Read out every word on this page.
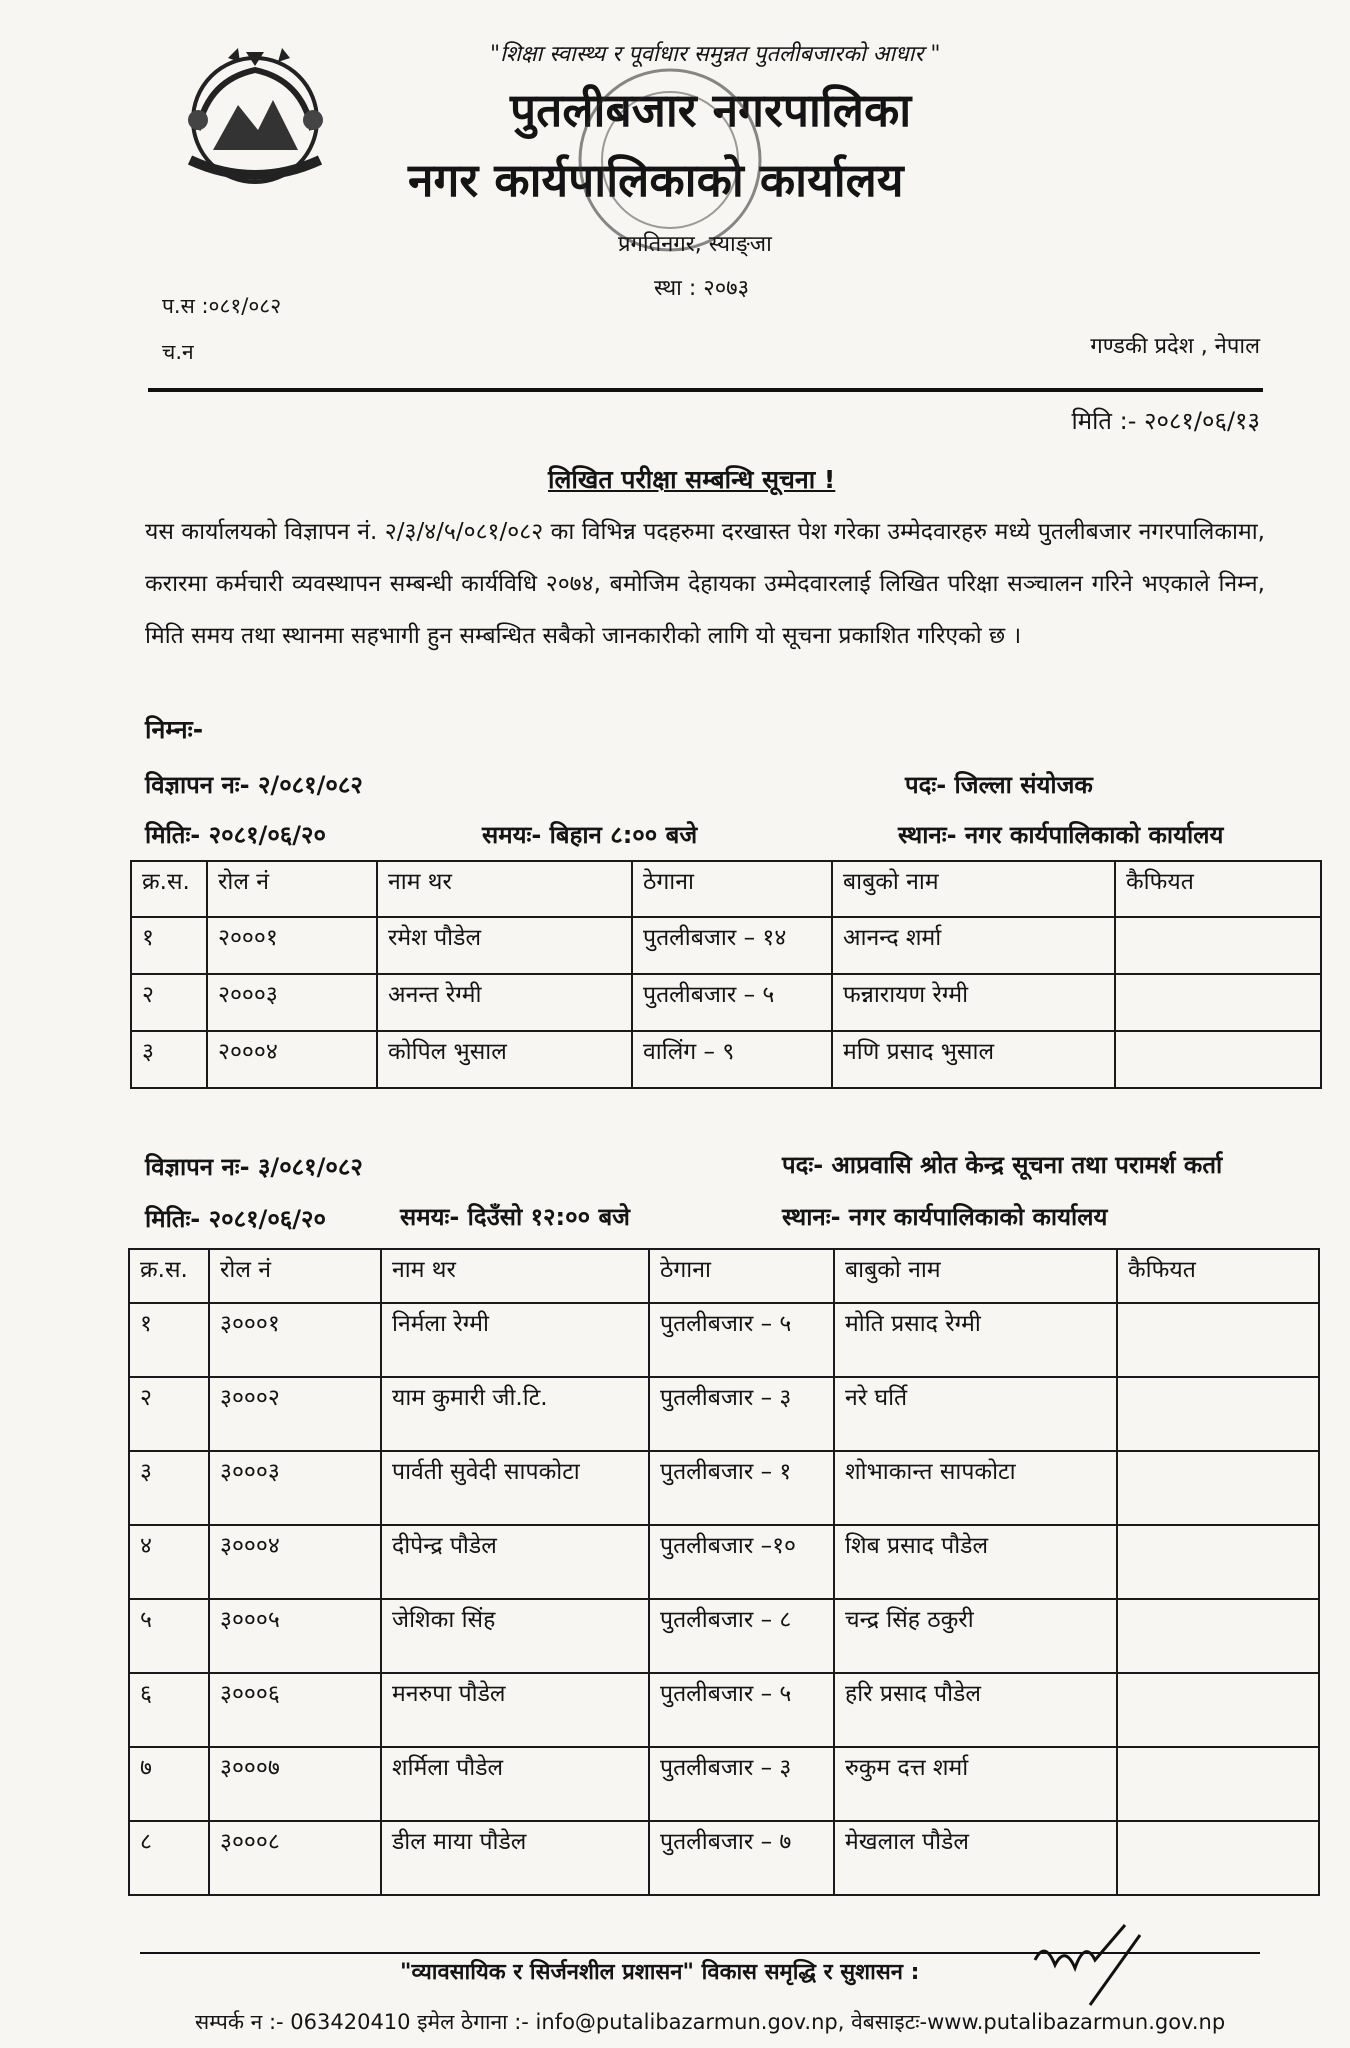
"शिक्षा स्वास्थ्य र पूर्वाधार समुन्नत पुतलीबजारको आधार "
पुतलीबजार नगरपालिका
नगर कार्यपालिकाको कार्यालय
प्रगतिनगर, स्याङ्जा
स्था : २०७३
प.स :०८१/०८२
च.न	गण्डकी प्रदेश , नेपाल
मिति :- २०८१/०६/१३
लिखित परीक्षा सम्बन्धि सूचना !
यस कार्यालयको विज्ञापन नं. २/३/४/५/०८१/०८२ का विभिन्न पदहरुमा दरखास्त पेश गरेका उम्मेदवारहरु मध्ये पुतलीबजार नगरपालिकामा, करारमा कर्मचारी व्यवस्थापन सम्बन्धी कार्यविधि २०७४, बमोजिम देहायका उम्मेदवारलाई लिखित परिक्षा सञ्चालन गरिने भएकाले निम्न, मिति समय तथा स्थानमा सहभागी हुन सम्बन्धित सबैको जानकारीको लागि यो सूचना प्रकाशित गरिएको छ ।
निम्नः-
विज्ञापन नः- २/०८१/०८२	पदः- जिल्ला संयोजक
मितिः- २०८१/०६/२०	समयः- बिहान ८:०० बजे	स्थानः- नगर कार्यपालिकाको कार्यालय
क्र.स.	रोल नं	नाम थर	ठेगाना	बाबुको नाम	कैफियत
१	२०००१	रमेश पौडेल	पुतलीबजार – १४	आनन्द शर्मा	
२	२०००३	अनन्त रेग्मी	पुतलीबजार – ५	फन्नारायण रेग्मी	
३	२०००४	कोपिल भुसाल	वालिंग – ९	मणि प्रसाद भुसाल	
विज्ञापन नः- ३/०८१/०८२	पदः- आप्रवासि श्रोत केन्द्र सूचना तथा परामर्श कर्ता
मितिः- २०८१/०६/२०	समयः- दिउँसो १२:०० बजे	स्थानः- नगर कार्यपालिकाको कार्यालय
क्र.स.	रोल नं	नाम थर	ठेगाना	बाबुको नाम	कैफियत
१	३०००१	निर्मला रेग्मी	पुतलीबजार – ५	मोति प्रसाद रेग्मी	
२	३०००२	याम कुमारी जी.टि.	पुतलीबजार – ३	नरे घर्ति	
३	३०००३	पार्वती सुवेदी सापकोटा	पुतलीबजार – १	शोभाकान्त सापकोटा	
४	३०००४	दीपेन्द्र पौडेल	पुतलीबजार –१०	शिब प्रसाद पौडेल	
५	३०००५	जेशिका सिंह	पुतलीबजार – ८	चन्द्र सिंह ठकुरी	
६	३०००६	मनरुपा पौडेल	पुतलीबजार – ५	हरि प्रसाद पौडेल	
७	३०००७	शर्मिला पौडेल	पुतलीबजार – ३	रुकुम दत्त शर्मा	
८	३०००८	डील माया पौडेल	पुतलीबजार – ७	मेखलाल पौडेल	
"व्यावसायिक र सिर्जनशील प्रशासन" विकास समृद्धि र सुशासन :
सम्पर्क न :- 063420410 इमेल ठेगाना :- info@putalibazarmun.gov.np, वेबसाइटः-www.putalibazarmun.gov.np
